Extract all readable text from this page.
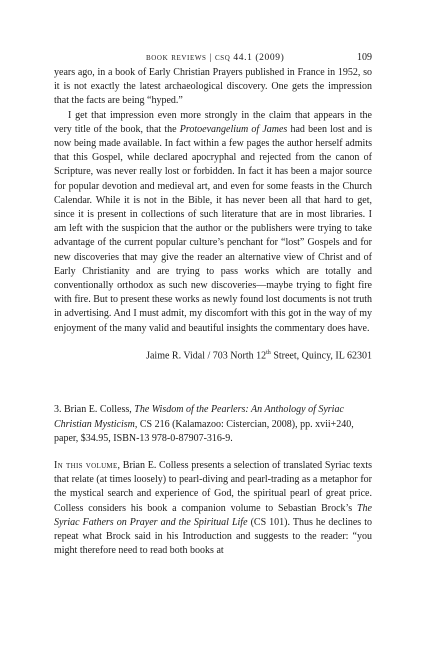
book reviews | csq 44.1 (2009)	109

years ago, in a book of Early Christian Prayers published in France in 1952, so it is not exactly the latest archaeological discovery. One gets the impression that the facts are being “hyped.”

I get that impression even more strongly in the claim that appears in the very title of the book, that the Protoevangelium of James had been lost and is now being made available. In fact within a few pages the author herself admits that this Gospel, while declared apocryphal and rejected from the canon of Scripture, was never really lost or forbidden. In fact it has been a major source for popular devotion and medieval art, and even for some feasts in the Church Calendar. While it is not in the Bible, it has never been all that hard to get, since it is present in collections of such literature that are in most libraries. I am left with the suspicion that the author or the publishers were trying to take advantage of the current popular culture’s penchant for “lost” Gospels and for new discoveries that may give the reader an alternative view of Christ and of Early Christianity and are trying to pass works which are totally and conventionally orthodox as such new discoveries—maybe trying to fight fire with fire. But to present these works as newly found lost documents is not truth in advertising. And I must admit, my discomfort with this got in the way of my enjoyment of the many valid and beautiful insights the commentary does have.

Jaime R. Vidal / 703 North 12th Street, Quincy, IL 62301

3. Brian E. Colless, The Wisdom of the Pearlers: An Anthology of Syriac Christian Mysticism, CS 216 (Kalamazoo: Cistercian, 2008), pp. xvii+240, paper, $34.95, ISBN-13 978-0-87907-316-9.

In this volume, Brian E. Colless presents a selection of translated Syriac texts that relate (at times loosely) to pearl-diving and pearl-trading as a metaphor for the mystical search and experience of God, the spiritual pearl of great price. Colless considers his book a companion volume to Sebastian Brock’s The Syriac Fathers on Prayer and the Spiritual Life (CS 101). Thus he declines to repeat what Brock said in his Introduction and suggests to the reader: “you might therefore need to read both books at
